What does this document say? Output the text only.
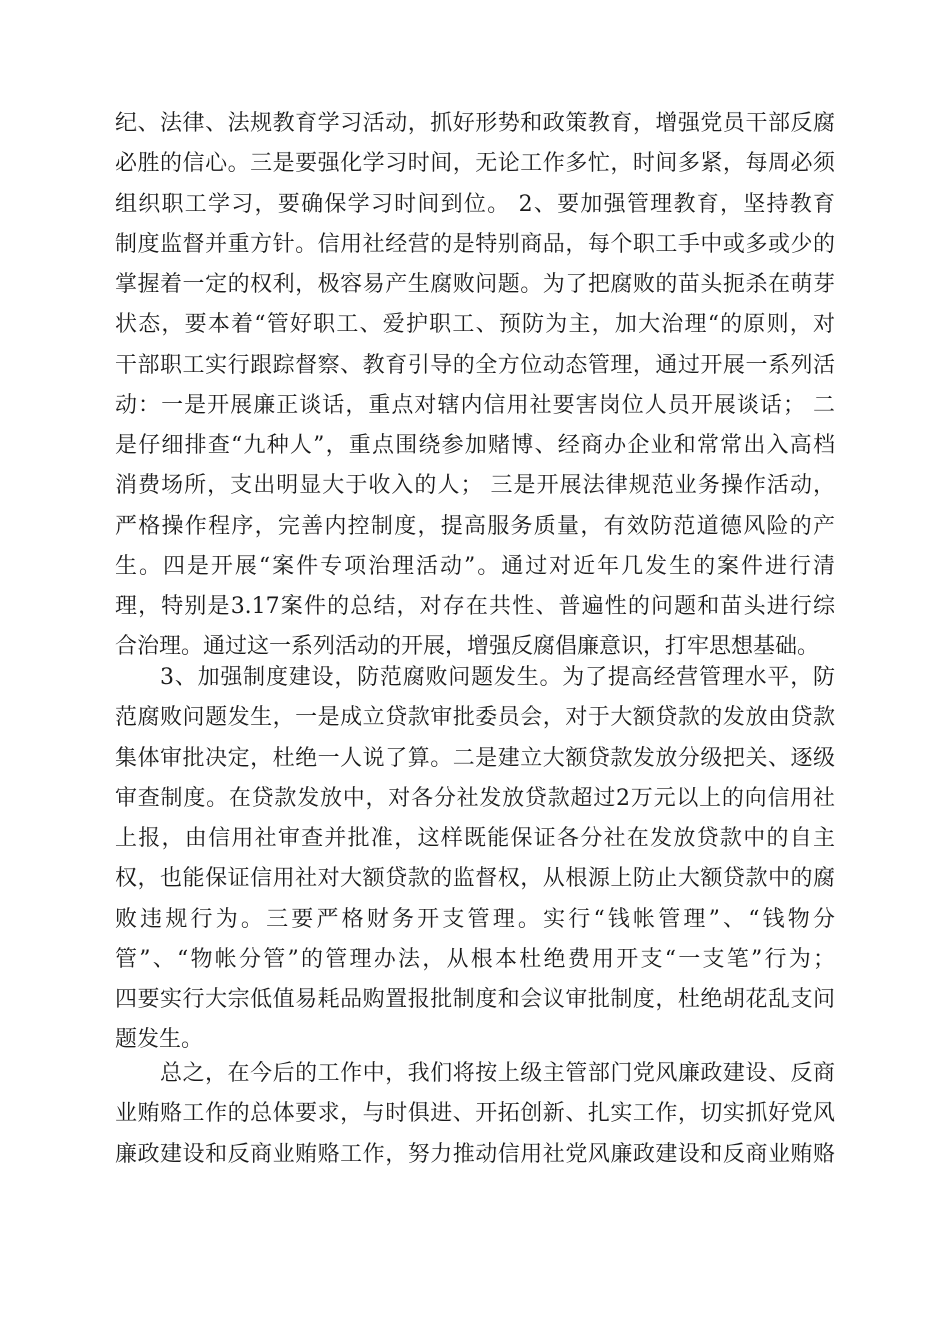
纪、法律、法规教育学习活动，抓好形势和政策教育，增强党员干部反腐
必胜的信心。三是要强化学习时间，无论工作多忙，时间多紧，每周必须
组织职工学习，要确保学习时间到位。 2、要加强管理教育，坚持教育
制度监督并重方针。信用社经营的是特别商品，每个职工手中或多或少的
掌握着一定的权利，极容易产生腐败问题。为了把腐败的苗头扼杀在萌芽
状态，要本着“管好职工、爱护职工、预防为主，加大治理“的原则，对
干部职工实行跟踪督察、教育引导的全方位动态管理，通过开展一系列活
动：一是开展廉正谈话，重点对辖内信用社要害岗位人员开展谈话； 二
是仔细排查“九种人”，重点围绕参加赌博、经商办企业和常常出入高档
消费场所，支出明显大于收入的人； 三是开展法律规范业务操作活动，
严格操作程序，完善内控制度，提高服务质量，有效防范道德风险的产
生。四是开展“案件专项治理活动”。通过对近年几发生的案件进行清
理，特别是3.17案件的总结，对存在共性、普遍性的问题和苗头进行综
合治理。通过这一系列活动的开展，增强反腐倡廉意识，打牢思想基础。
3、加强制度建设，防范腐败问题发生。为了提高经营管理水平，防
范腐败问题发生，一是成立贷款审批委员会，对于大额贷款的发放由贷款
集体审批决定，杜绝一人说了算。二是建立大额贷款发放分级把关、逐级
审查制度。在贷款发放中，对各分社发放贷款超过2万元以上的向信用社
上报，由信用社审查并批准，这样既能保证各分社在发放贷款中的自主
权，也能保证信用社对大额贷款的监督权，从根源上防止大额贷款中的腐
败违规行为。三要严格财务开支管理。实行“钱帐管理”、“钱物分
管”、“物帐分管”的管理办法，从根本杜绝费用开支“一支笔”行为；
四要实行大宗低值易耗品购置报批制度和会议审批制度，杜绝胡花乱支问
题发生。
总之，在今后的工作中，我们将按上级主管部门党风廉政建设、反商
业贿赂工作的总体要求，与时俱进、开拓创新、扎实工作，切实抓好党风
廉政建设和反商业贿赂工作，努力推动信用社党风廉政建设和反商业贿赂
